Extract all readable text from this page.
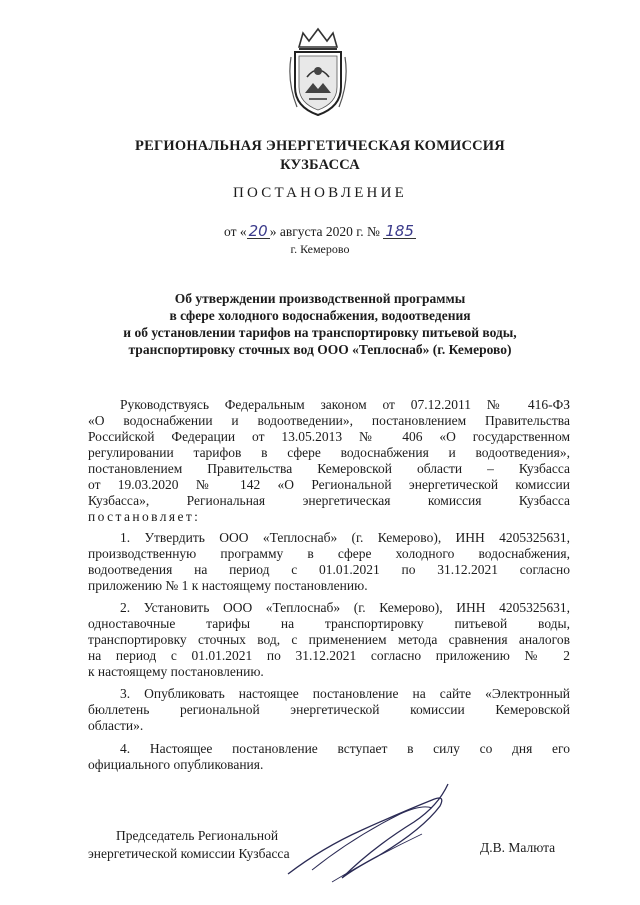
РЕГИОНАЛЬНАЯ ЭНЕРГЕТИЧЕСКАЯ КОМИССИЯ
КУЗБАССА
ПОСТАНОВЛЕНИЕ
от « 20 » августа 2020 г. № 185
г. Кемерово
Об утверждении производственной программы
в сфере холодного водоснабжения, водоотведения
и об установлении тарифов на транспортировку питьевой воды,
транспортировку сточных вод ООО «Теплоснаб» (г. Кемерово)
Руководствуясь Федеральным законом от 07.12.2011 № 416-ФЗ
«О водоснабжении и водоотведении», постановлением Правительства
Российской Федерации от 13.05.2013 № 406 «О государственном
регулировании тарифов в сфере водоснабжения и водоотведения»,
постановлением Правительства Кемеровской области – Кузбасса
от 19.03.2020 № 142 «О Региональной энергетической комиссии
Кузбасса», Региональная энергетическая комиссия Кузбасса
постановляет:
1. Утвердить ООО «Теплоснаб» (г. Кемерово), ИНН 4205325631,
производственную программу в сфере холодного водоснабжения,
водоотведения на период с 01.01.2021 по 31.12.2021 согласно
приложению № 1 к настоящему постановлению.
2. Установить ООО «Теплоснаб» (г. Кемерово), ИНН 4205325631,
одноставочные тарифы на транспортировку питьевой воды,
транспортировку сточных вод, с применением метода сравнения аналогов
на период с 01.01.2021 по 31.12.2021 согласно приложению № 2
к настоящему постановлению.
3. Опубликовать настоящее постановление на сайте «Электронный
бюллетень региональной энергетической комиссии Кемеровской
области».
4. Настоящее постановление вступает в силу со дня его
официального опубликования.
Председатель Региональной
энергетической комиссии Кузбасса	Д.В. Малюта
